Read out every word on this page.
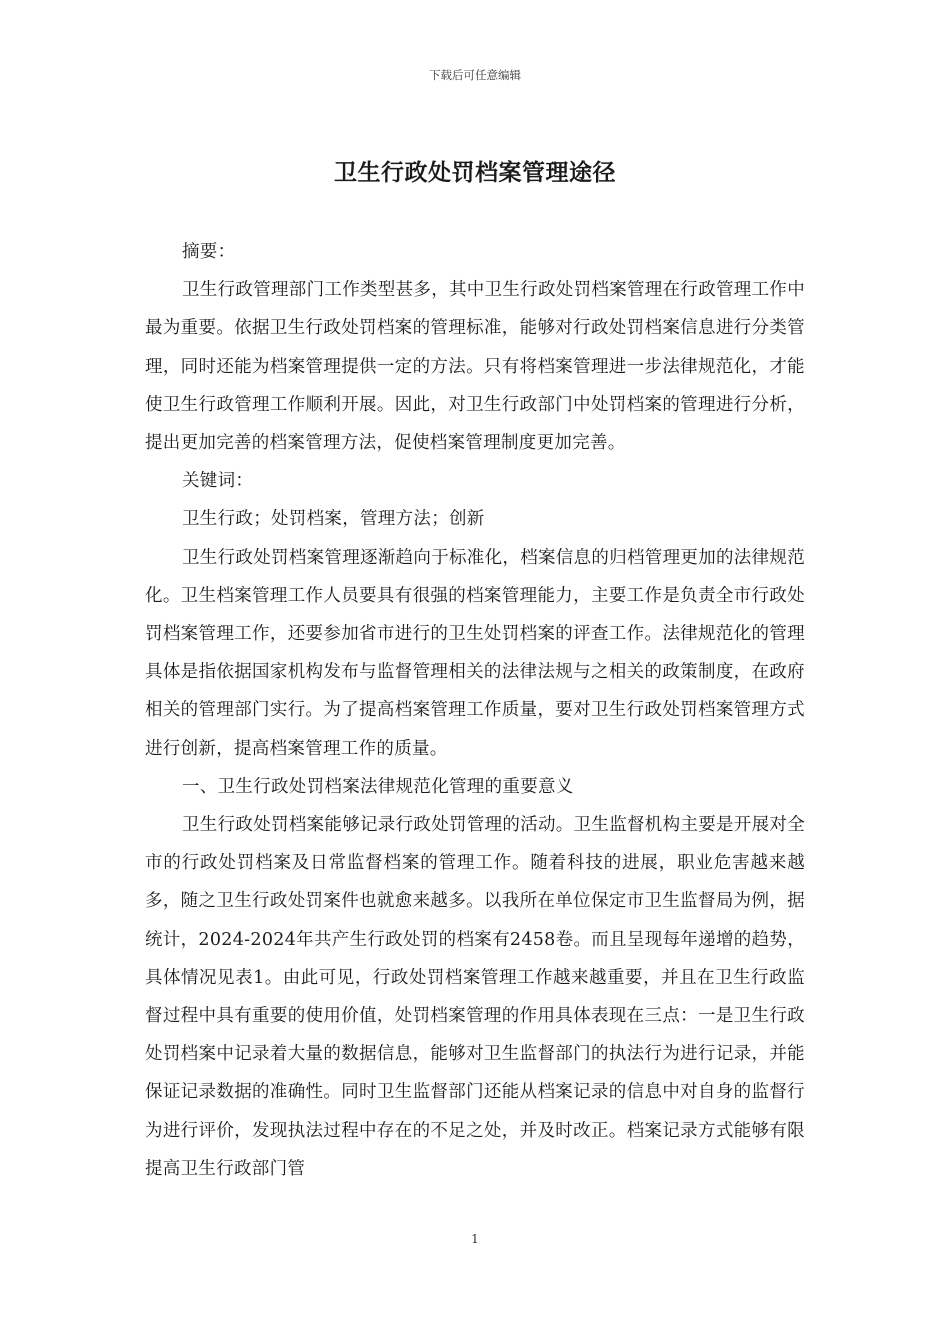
下载后可任意编辑
卫生行政处罚档案管理途径

摘要：

卫生行政管理部门工作类型甚多，其中卫生行政处罚档案管理在行政管理工作中最为重要。依据卫生行政处罚档案的管理标准，能够对行政处罚档案信息进行分类管理，同时还能为档案管理提供一定的方法。只有将档案管理进一步法律规范化，才能使卫生行政管理工作顺利开展。因此，对卫生行政部门中处罚档案的管理进行分析，提出更加完善的档案管理方法，促使档案管理制度更加完善。

关键词：

卫生行政；处罚档案，管理方法；创新

卫生行政处罚档案管理逐渐趋向于标准化，档案信息的归档管理更加的法律规范化。卫生档案管理工作人员要具有很强的档案管理能力，主要工作是负责全市行政处罚档案管理工作，还要参加省市进行的卫生处罚档案的评查工作。法律规范化的管理具体是指依据国家机构发布与监督管理相关的法律法规与之相关的政策制度，在政府相关的管理部门实行。为了提高档案管理工作质量，要对卫生行政处罚档案管理方式进行创新，提高档案管理工作的质量。

一、卫生行政处罚档案法律规范化管理的重要意义

卫生行政处罚档案能够记录行政处罚管理的活动。卫生监督机构主要是开展对全市的行政处罚档案及日常监督档案的管理工作。随着科技的进展，职业危害越来越多，随之卫生行政处罚案件也就愈来越多。以我所在单位保定市卫生监督局为例，据统计，2024-2024年共产生行政处罚的档案有2458卷。而且呈现每年递增的趋势，具体情况见表1。由此可见，行政处罚档案管理工作越来越重要，并且在卫生行政监督过程中具有重要的使用价值，处罚档案管理的作用具体表现在三点：一是卫生行政处罚档案中记录着大量的数据信息，能够对卫生监督部门的执法行为进行记录，并能保证记录数据的准确性。同时卫生监督部门还能从档案记录的信息中对自身的监督行为进行评价，发现执法过程中存在的不足之处，并及时改正。档案记录方式能够有限提高卫生行政部门管

1
